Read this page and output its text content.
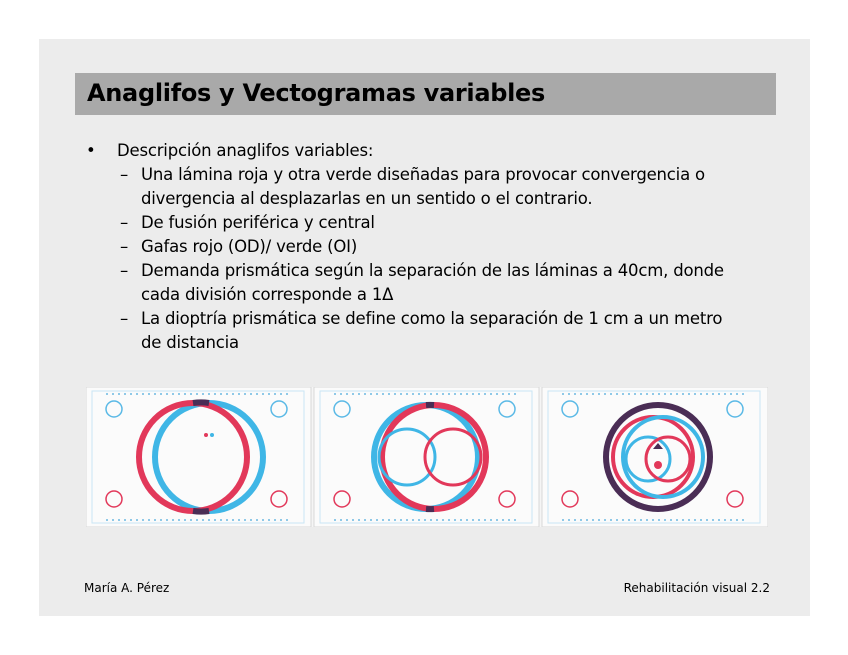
Anaglifos y Vectogramas variables
• Descripción anaglifos variables:
– Una lámina roja y otra verde diseñadas para provocar convergencia o
divergencia al desplazarlas en un sentido o el contrario.
– De fusión periférica y central
– Gafas rojo (OD)/ verde (OI)
– Demanda prismática según la separación de las láminas a 40cm, donde
cada división corresponde a 1Δ
– La dioptría prismática se define como la separación de 1 cm a un metro
de distancia
María A. Pérez	Rehabilitación visual 2.2
